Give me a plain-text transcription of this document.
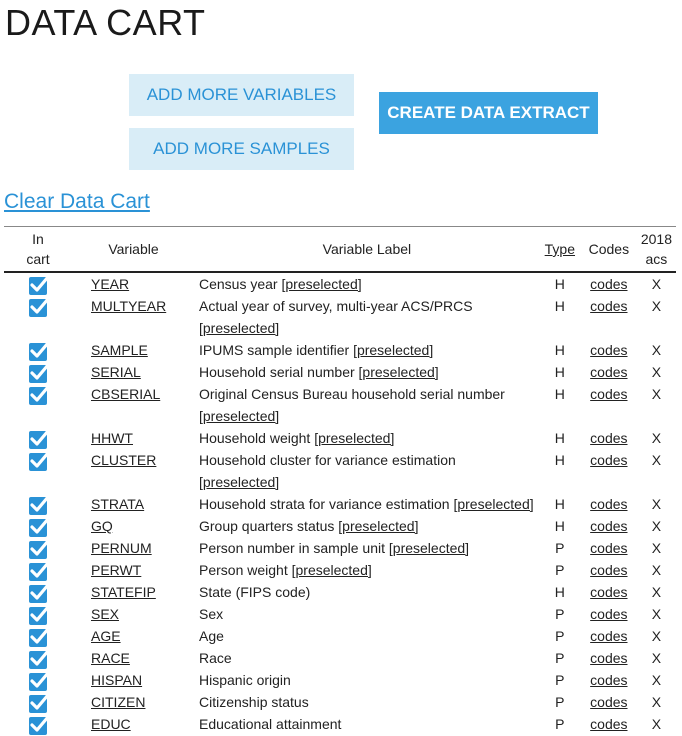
DATA CART
ADD MORE VARIABLES
ADD MORE SAMPLES
CREATE DATA EXTRACT
Clear Data Cart
In
cart	Variable	Variable Label	Type	Codes	2018
acs

	YEAR	Census year [preselected]	H	codes	X

	MULTYEAR	Actual year of survey, multi-year ACS/PRCS [preselected]	H	codes	X

	SAMPLE	IPUMS sample identifier [preselected]	H	codes	X

	SERIAL	Household serial number [preselected]	H	codes	X

	CBSERIAL	Original Census Bureau household serial number [preselected]	H	codes	X

	HHWT	Household weight [preselected]	H	codes	X

	CLUSTER	Household cluster for variance estimation [preselected]	H	codes	X

	STRATA	Household strata for variance estimation [preselected]	H	codes	X

	GQ	Group quarters status [preselected]	H	codes	X

	PERNUM	Person number in sample unit [preselected]	P	codes	X

	PERWT	Person weight [preselected]	P	codes	X

	STATEFIP	State (FIPS code)	H	codes	X

	SEX	Sex	P	codes	X

	AGE	Age	P	codes	X

	RACE	Race	P	codes	X

	HISPAN	Hispanic origin	P	codes	X

	CITIZEN	Citizenship status	P	codes	X

	EDUC	Educational attainment	P	codes	X
